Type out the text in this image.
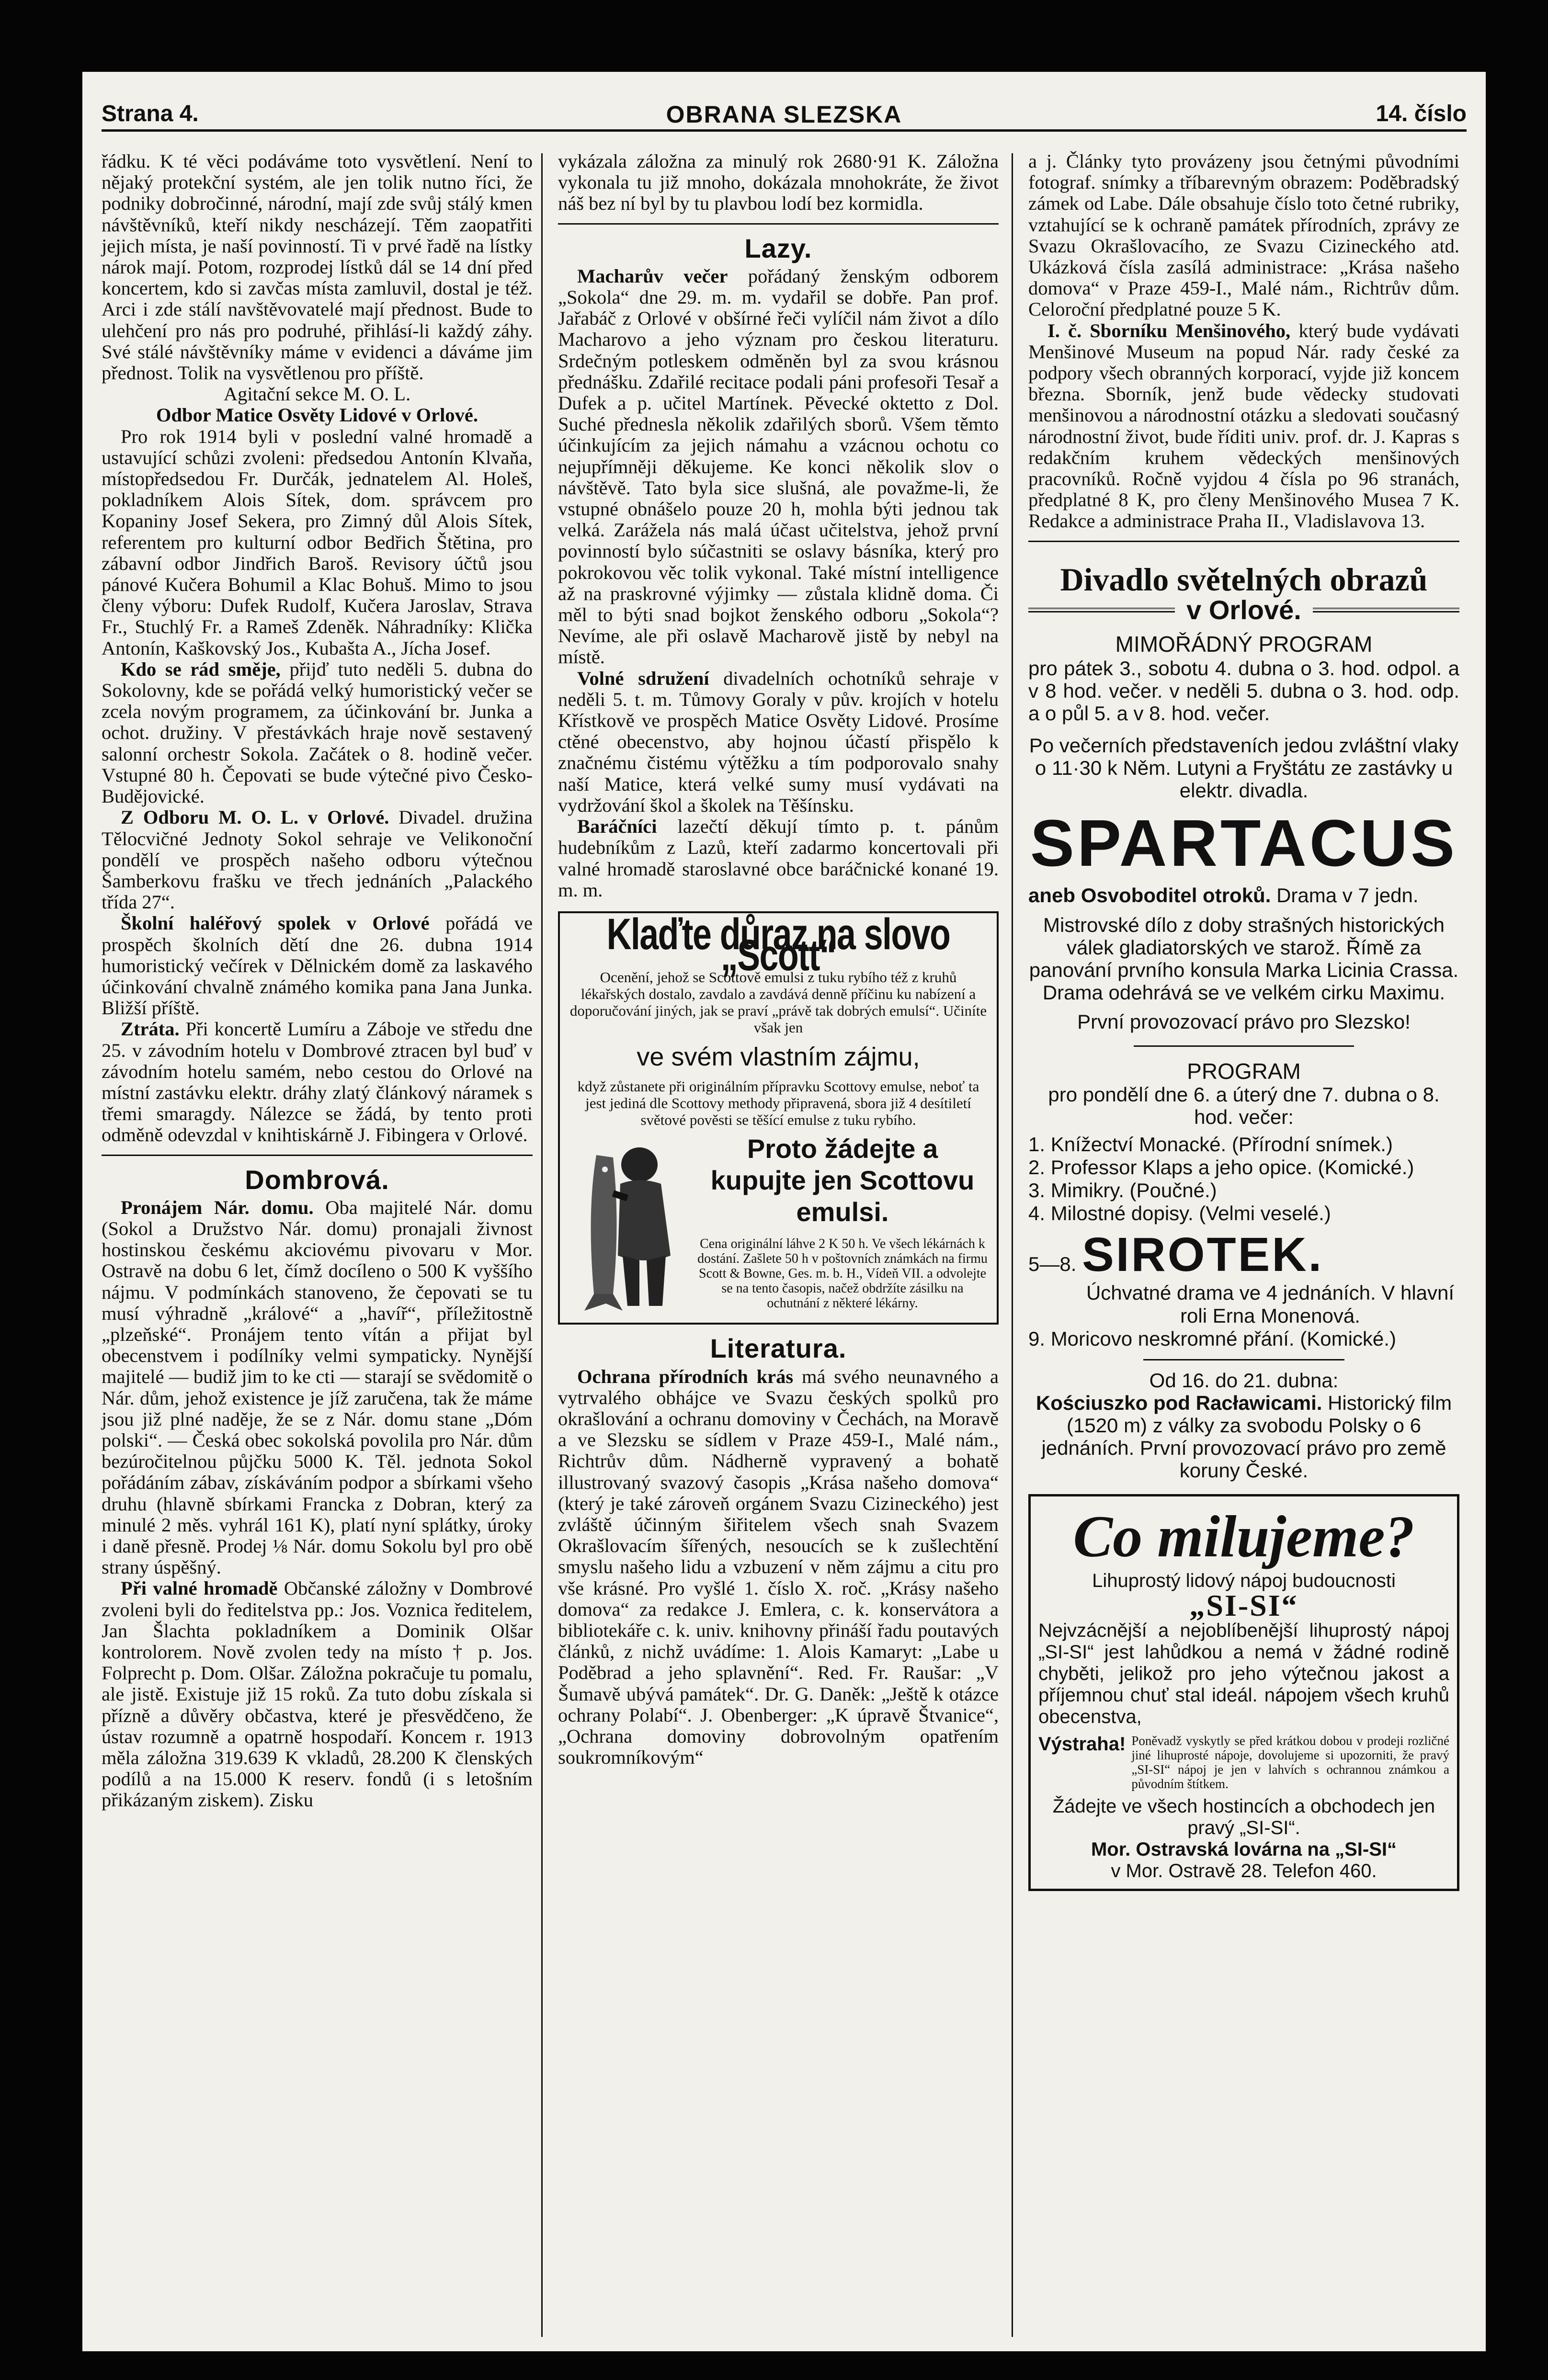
Strana 4.	OBRANA SLEZSKA	14. číslo

řádku. K té věci podáváme toto vysvětlení. Není to nějaký protekční systém, ale jen tolik nutno říci, že podniky dobročinné, národní, mají zde svůj stálý kmen návštěvníků, kteří nikdy nescházejí. Těm zaopatřiti jejich místa, je naší povinností. Ti v prvé řadě na lístky nárok mají. Potom, rozprodej lístků dál se 14 dní před koncertem, kdo si zavčas místa zamluvil, dostal je též. Arci i zde stálí navštěvovatelé mají přednost. Bude to ulehčení pro nás pro podruhé, přihlásí-li každý záhy. Své stálé návštěvníky máme v evidenci a dáváme jim přednost. Tolik na vysvětlenou pro příště.

Agitační sekce M. O. L.

Odbor Matice Osvěty Lidové v Orlové.

Pro rok 1914 byli v poslední valné hromadě a ustavující schůzi zvoleni: předsedou Antonín Klvaňa, místopředsedou Fr. Durčák, jednatelem Al. Holeš, pokladníkem Alois Sítek, dom. správcem pro Kopaniny Josef Sekera, pro Zimný důl Alois Sítek, referentem pro kulturní odbor Bedřich Štětina, pro zábavní odbor Jindřich Baroš. Revisory účtů jsou pánové Kučera Bohumil a Klac Bohuš. Mimo to jsou členy výboru: Dufek Rudolf, Kučera Jaroslav, Strava Fr., Stuchlý Fr. a Rameš Zdeněk. Náhradníky: Klička Antonín, Kaškovský Jos., Kubašta A., Jícha Josef.

Kdo se rád směje, přijď tuto neděli 5. dubna do Sokolovny, kde se pořádá velký humoristický večer se zcela novým programem, za účinkování br. Junka a ochot. družiny. V přestávkách hraje nově sestavený salonní orchestr Sokola. Začátek o 8. hodině večer. Vstupné 80 h. Čepovati se bude výtečné pivo Česko-Budějovické.

Z Odboru M. O. L. v Orlové. Divadel. družina Tělocvičné Jednoty Sokol sehraje ve Velikonoční pondělí ve prospěch našeho odboru výtečnou Šamberkovu frašku ve třech jednáních „Palackého třída 27“.

Školní haléřový spolek v Orlové pořádá ve prospěch školních dětí dne 26. dubna 1914 humoristický večírek v Dělnickém domě za laskavého účinkování chvalně známého komika pana Jana Junka. Bližší příště.

Ztráta. Při koncertě Lumíru a Záboje ve středu dne 25. v závodním hotelu v Dombrové ztracen byl buď v závodním hotelu samém, nebo cestou do Orlové na místní zastávku elektr. dráhy zlatý článkový náramek s třemi smaragdy. Nálezce se žádá, by tento proti odměně odevzdal v knihtiskárně J. Fibingera v Orlové.

Dombrová.

Pronájem Nár. domu. Oba majitelé Nár. domu (Sokol a Družstvo Nár. domu) pronajali živnost hostinskou českému akciovému pivovaru v Mor. Ostravě na dobu 6 let, čímž docíleno o 500 K vyššího nájmu. V podmínkách stanoveno, že čepovati se tu musí výhradně „králové“ a „havíř“, příležitostně „plzeňské“. Pronájem tento vítán a přijat byl obecenstvem i podílníky velmi sympaticky. Nynější majitelé — budiž jim to ke cti — starají se svědomitě o Nár. dům, jehož existence je jíž zaručena, tak že máme jsou již plné naděje, že se z Nár. domu stane „Dóm polski“. — Česká obec sokolská povolila pro Nár. dům bezúročitelnou půjčku 5000 K. Těl. jednota Sokol pořádáním zábav, získáváním podpor a sbírkami všeho druhu (hlavně sbírkami Francka z Dobran, který za minulé 2 měs. vyhrál 161 K), platí nyní splátky, úroky i daně přesně. Prodej ⅛ Nár. domu Sokolu byl pro obě strany úspěšný.

Při valné hromadě Občanské záložny v Dombrové zvoleni byli do ředitelstva pp.: Jos. Voznica ředitelem, Jan Šlachta pokladníkem a Dominik Olšar kontrolorem. Nově zvolen tedy na místo † p. Jos. Folprecht p. Dom. Olšar. Záložna pokračuje tu pomalu, ale jistě. Existuje již 15 roků. Za tuto dobu získala si přízně a důvěry občastva, které je přesvědčeno, že ústav rozumně a opatrně hospodaří. Koncem r. 1913 měla záložna 319.639 K vkladů, 28.200 K členských podílů a na 15.000 K reserv. fondů (i s letošním přikázaným ziskem). Zisku

vykázala záložna za minulý rok 2680·91 K. Záložna vykonala tu již mnoho, dokázala mnohokráte, že život náš bez ní byl by tu plavbou lodí bez kormidla.

Lazy.

Macharův večer pořádaný ženským odborem „Sokola“ dne 29. m. m. vydařil se dobře. Pan prof. Jařabáč z Orlové v obšírné řeči vylíčil nám život a dílo Macharovo a jeho význam pro českou literaturu. Srdečným potleskem odměněn byl za svou krásnou přednášku. Zdařilé recitace podali páni profesoři Tesař a Dufek a p. učitel Martínek. Pěvecké oktetto z Dol. Suché přednesla několik zdařilých sborů. Všem těmto účinkujícím za jejich námahu a vzácnou ochotu co nejupřímněji děkujeme. Ke konci několik slov o návštěvě. Tato byla sice slušná, ale považme-li, že vstupné obnášelo pouze 20 h, mohla býti jednou tak velká. Zarážela nás malá účast učitelstva, jehož první povinností bylo súčastniti se oslavy básníka, který pro pokrokovou věc tolik vykonal. Také místní intelligence až na praskrovné výjimky — zůstala klidně doma. Či měl to býti snad bojkot ženského odboru „Sokola“? Nevíme, ale při oslavě Macharově jistě by nebyl na místě.

Volné sdružení divadelních ochotníků sehraje v neděli 5. t. m. Tůmovy Goraly v pův. krojích v hotelu Křístkově ve prospěch Matice Osvěty Lidové. Prosíme ctěné obecenstvo, aby hojnou účastí přispělo k značnému čistému výtěžku a tím podporovalo snahy naší Matice, která velké sumy musí vydávati na vydržování škol a školek na Těšínsku.

Baráčníci lazečtí děkují tímto p. t. pánům hudebníkům z Lazů, kteří zadarmo koncertovali při valné hromadě staroslavné obce baráčnické konané 19. m. m.

Klaďte důraz na slovo „Scott“

Ocenění, jehož se Scottově emulsi z tuku rybího též z kruhů lékařských dostalo, zavdalo a zavdává denně příčinu ku nabízení a doporučování jiných, jak se praví „právě tak dobrých emulsí“. Učiníte však jen

ve svém vlastním zájmu,

když zůstanete při originálním přípravku Scottovy emulse, neboť ta jest jediná dle Scottovy methody připravená, sbora již 4 desítiletí světové pověsti se těšící emulse z tuku rybího.

Proto žádejte a kupujte jen Scottovu emulsi.

Cena originální láhve 2 K 50 h. Ve všech lékárnách k dostání. Zašlete 50 h v poštovních známkách na firmu Scott & Bowne, Ges. m. b. H., Vídeň VII. a odvolejte se na tento časopis, načež obdržíte zásilku na ochutnání z některé lékárny.

Literatura.

Ochrana přírodních krás má svého neunavného a vytrvalého obhájce ve Svazu českých spolků pro okrašlování a ochranu domoviny v Čechách, na Moravě a ve Slezsku se sídlem v Praze 459-I., Malé nám., Richtrův dům. Nádherně vypravený a bohatě illustrovaný svazový časopis „Krása našeho domova“ (který je také zároveň orgánem Svazu Cizineckého) jest zvláště účinným šiřitelem všech snah Svazem Okrašlovacím šířených, nesoucích se k zušlechtění smyslu našeho lidu a vzbuzení v něm zájmu a citu pro vše krásné. Pro vyšlé 1. číslo X. roč. „Krásy našeho domova“ za redakce J. Emlera, c. k. konservátora a bibliotekáře c. k. univ. knihovny přináší řadu poutavých článků, z nichž uvádíme: 1. Alois Kamaryt: „Labe u Poděbrad a jeho splavnění“. Red. Fr. Raušar: „V Šumavě ubývá památek“. Dr. G. Daněk: „Ještě k otázce ochrany Polabí“. J. Obenberger: „K úpravě Štvanice“, „Ochrana domoviny dobrovolným opatřením soukromníkovým“

a j. Články tyto provázeny jsou četnými původními fotograf. snímky a tříbarevným obrazem: Poděbradský zámek od Labe. Dále obsahuje číslo toto četné rubriky, vztahující se k ochraně památek přírodních, zprávy ze Svazu Okrašlovacího, ze Svazu Cizineckého atd. Ukázková čísla zasílá administrace: „Krása našeho domova“ v Praze 459-I., Malé nám., Richtrův dům. Celoroční předplatné pouze 5 K.

I. č. Sborníku Menšinového, který bude vydávati Menšinové Museum na popud Nár. rady české za podpory všech obranných korporací, vyjde již koncem března. Sborník, jenž bude vědecky studovati menšinovou a národnostní otázku a sledovati současný národnostní život, bude říditi univ. prof. dr. J. Kapras s redakčním kruhem vědeckých menšinových pracovníků. Ročně vyjdou 4 čísla po 96 stranách, předplatné 8 K, pro členy Menšinového Musea 7 K. Redakce a administrace Praha II., Vladislavova 13.

Divadlo světelných obrazů
v Orlové.

MIMOŘÁDNÝ PROGRAM

pro pátek 3., sobotu 4. dubna o 3. hod. odpol. a v 8 hod. večer. v neděli 5. dubna o 3. hod. odp. a o půl 5. a v 8. hod. večer.

Po večerních představeních jedou zvláštní vlaky o 11·30 k Něm. Lutyni a Fryštátu ze zastávky u elektr. divadla.

SPARTACUS

aneb Osvoboditel otroků. Drama v 7 jedn.

Mistrovské dílo z doby strašných historických válek gladiatorských ve starož. Římě za panování prvního konsula Marka Licinia Crassa. Drama odehrává se ve velkém cirku Maximu.

První provozovací právo pro Slezsko!

PROGRAM

pro pondělí dne 6. a úterý dne 7. dubna o 8. hod. večer:

1. Knížectví Monacké. (Přírodní snímek.)
2. Professor Klaps a jeho opice. (Komické.)
3. Mimikry. (Poučné.)
4. Milostné dopisy. (Velmi veselé.)
5—8. SIROTEK.
Úchvatné drama ve 4 jednáních. V hlavní roli Erna Monenová.
9. Moricovo neskromné přání. (Komické.)

Od 16. do 21. dubna:

Kościuszko pod Racławicami. Historický film (1520 m) z války za svobodu Polsky o 6 jednáních. První provozovací právo pro země koruny České.

Co milujeme?

Lihuprostý lidový nápoj budoucnosti

„SI-SI“

Nejvzácnější a nejoblíbenější lihuprostý nápoj „SI-SI“ jest lahůdkou a nemá v žádné rodině chyběti, jelikož pro jeho výtečnou jakost a příjemnou chuť stal ideál. nápojem všech kruhů obecenstva,

Výstraha! Poněvadž vyskytly se před krátkou dobou v prodeji rozličné jiné lihuprosté nápoje, dovolujeme si upozorniti, že pravý „SI-SI“ nápoj je jen v lahvích s ochrannou známkou a původním štítkem.

Žádejte ve všech hostincích a obchodech jen pravý „SI-SI“.

Mor. Ostravská lovárna na „SI-SI“
v Mor. Ostravě 28. Telefon 460.
